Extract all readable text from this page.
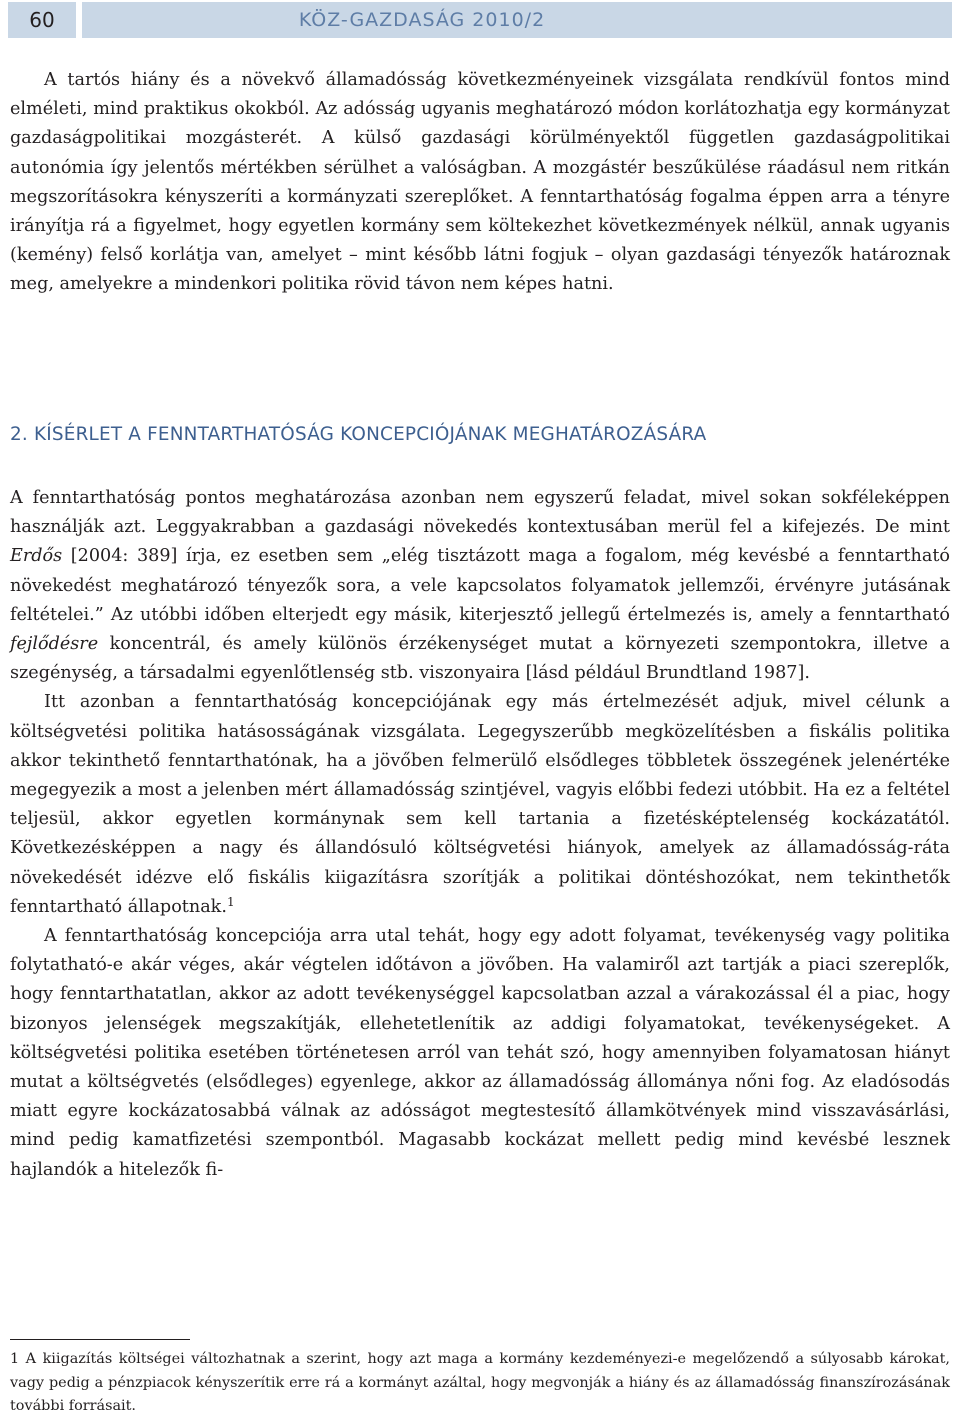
60	KÖZ-GAZDASÁG 2010/2

A tartós hiány és a növekvő államadósság következményeinek vizsgálata rendkívül fontos mind elméleti, mind praktikus okokból. Az adósság ugyanis meghatározó módon korlátozhatja egy kormányzat gazdaságpolitikai mozgásterét. A külső gazdasági körülményektől független gazdaságpolitikai autonómia így jelentős mértékben sérülhet a valóságban. A mozgástér beszűkülése ráadásul nem ritkán megszorításokra kényszeríti a kormányzati szereplőket. A fenntarthatóság fogalma éppen arra a tényre irányítja rá a figyelmet, hogy egyetlen kormány sem költekezhet következmények nélkül, annak ugyanis (kemény) felső korlátja van, amelyet – mint később látni fogjuk – olyan gazdasági tényezők határoznak meg, amelyekre a mindenkori politika rövid távon nem képes hatni.

2. KÍSÉRLET A FENNTARTHATÓSÁG KONCEPCIÓJÁNAK MEGHATÁROZÁSÁRA

A fenntarthatóság pontos meghatározása azonban nem egyszerű feladat, mivel sokan sokféleképpen használják azt. Leggyakrabban a gazdasági növekedés kontextusában merül fel a kifejezés. De mint Erdős [2004: 389] írja, ez esetben sem „elég tisztázott maga a fogalom, még kevésbé a fenntartható növekedést meghatározó tényezők sora, a vele kapcsolatos folyamatok jellemzői, érvényre jutásának feltételei.” Az utóbbi időben elterjedt egy másik, kiterjesztő jellegű értelmezés is, amely a fenntartható fejlődésre koncentrál, és amely különös érzékenységet mutat a környezeti szempontokra, illetve a szegénység, a társadalmi egyenlőtlenség stb. viszonyaira [lásd például Brundtland 1987].

Itt azonban a fenntarthatóság koncepciójának egy más értelmezését adjuk, mivel célunk a költségvetési politika hatásosságának vizsgálata. Legegyszerűbb megközelítésben a fiskális politika akkor tekinthető fenntarthatónak, ha a jövőben felmerülő elsődleges többletek összegének jelenértéke megegyezik a most a jelenben mért államadósság szintjével, vagyis előbbi fedezi utóbbit. Ha ez a feltétel teljesül, akkor egyetlen kormánynak sem kell tartania a fizetésképtelenség kockázatától. Következésképpen a nagy és állandósuló költségvetési hiányok, amelyek az államadósság-ráta növekedését idézve elő fiskális kiigazításra szorítják a politikai döntéshozókat, nem tekinthetők fenntartható állapotnak.$^1$

A fenntarthatóság koncepciója arra utal tehát, hogy egy adott folyamat, tevékenység vagy politika folytatható-e akár véges, akár végtelen időtávon a jövőben. Ha valamiről azt tartják a piaci szereplők, hogy fenntarthatatlan, akkor az adott tevékenységgel kapcsolatban azzal a várakozással él a piac, hogy bizonyos jelenségek megszakítják, ellehetetlenítik az addigi folyamatokat, tevékenységeket. A költségvetési politika esetében történetesen arról van tehát szó, hogy amennyiben folyamatosan hiányt mutat a költségvetés (elsődleges) egyenlege, akkor az államadósság állománya nőni fog. Az eladósodás miatt egyre kockázatosabbá válnak az adósságot megtestesítő államkötvények mind visszavásárlási, mind pedig kamatfizetési szempontból. Magasabb kockázat mellett pedig mind kevésbé lesznek hajlandók a hitelezők fi-

1 A kiigazítás költségei változhatnak a szerint, hogy azt maga a kormány kezdeményezi-e megelőzendő a súlyosabb károkat, vagy pedig a pénzpiacok kényszerítik erre rá a kormányt azáltal, hogy megvonják a hiány és az államadósság finanszírozásának további forrásait.
